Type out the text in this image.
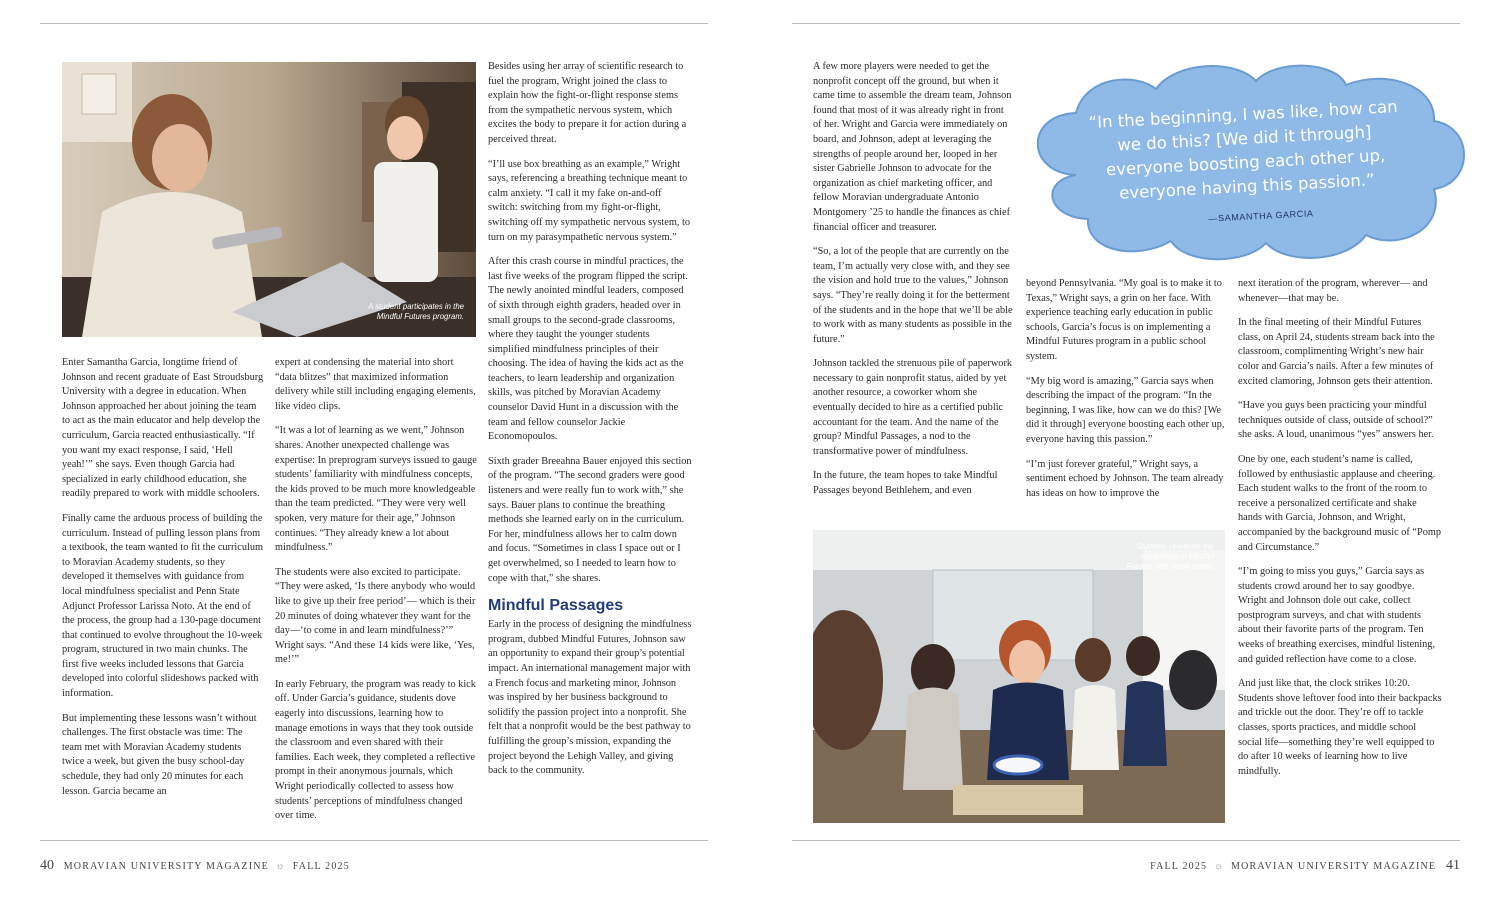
A student participates in the Mindful Futures program.

Enter Samantha Garcia, longtime friend of Johnson and recent graduate of East Stroudsburg University with a degree in education. When Johnson approached her about joining the team to act as the main educator and help develop the curriculum, Garcia reacted enthusiastically. “If you want my exact response, I said, ‘Hell yeah!’” she says. Even though Garcia had specialized in early childhood education, she readily prepared to work with middle schoolers.

Finally came the arduous process of building the curriculum. Instead of pulling lesson plans from a textbook, the team wanted to fit the curriculum to Moravian Academy students, so they developed it themselves with guidance from local mindfulness specialist and Penn State Adjunct Professor Larissa Noto. At the end of the process, the group had a 130-page document that continued to evolve throughout the 10-week program, structured in two main chunks. The first five weeks included lessons that Garcia developed into colorful slideshows packed with information.

But implementing these lessons wasn’t without challenges. The first obstacle was time: The team met with Moravian Academy students twice a week, but given the busy school-day schedule, they had only 20 minutes for each lesson. Garcia became an

expert at condensing the material into short “data blitzes” that maximized information delivery while still including engaging elements, like video clips.

“It was a lot of learning as we went,” Johnson shares. Another unexpected challenge was expertise: In preprogram surveys issued to gauge students’ familiarity with mindfulness concepts, the kids proved to be much more knowledgeable than the team predicted. “They were very well spoken, very mature for their age,” Johnson continues. “They already knew a lot about mindfulness.”

The students were also excited to participate. “They were asked, ‘Is there anybody who would like to give up their free period’— which is their 20 minutes of doing whatever they want for the day—‘to come in and learn mindfulness?’” Wright says. “And these 14 kids were like, ‘Yes, me!’”

In early February, the program was ready to kick off. Under Garcia’s guidance, students dove eagerly into discussions, learning how to manage emotions in ways that they took outside the classroom and even shared with their families. Each week, they completed a reflective prompt in their anonymous journals, which Wright periodically collected to assess how students’ perceptions of mindfulness changed over time.

Besides using her array of scientific research to fuel the program, Wright joined the class to explain how the fight-or-flight response stems from the sympathetic nervous system, which excites the body to prepare it for action during a perceived threat.

“I’ll use box breathing as an example,” Wright says, referencing a breathing technique meant to calm anxiety. “I call it my fake on-and-off switch: switching from my fight-or-flight, switching off my sympathetic nervous system, to turn on my parasympathetic nervous system.”

After this crash course in mindful practices, the last five weeks of the program flipped the script. The newly anointed mindful leaders, composed of sixth through eighth graders, headed over in small groups to the second-grade classrooms, where they taught the younger students simplified mindfulness principles of their choosing. The idea of having the kids act as the teachers, to learn leadership and organization skills, was pitched by Moravian Academy counselor David Hunt in a discussion with the team and fellow counselor Jackie Economopoulos.

Sixth grader Breeahna Bauer enjoyed this section of the program. “The second graders were good listeners and were really fun to work with,” she says. Bauer plans to continue the breathing methods she learned early on in the curriculum. For her, mindfulness allows her to calm down and focus. “Sometimes in class I space out or I get overwhelmed, so I needed to learn how to cope with that,” she shares.

Mindful Passages

Early in the process of designing the mindfulness program, dubbed Mindful Futures, Johnson saw an opportunity to expand their group’s potential impact. An international management major with a French focus and marketing minor, Johnson was inspired by her business background to solidify the passion project into a nonprofit. She felt that a nonprofit would be the best pathway to fulfilling the group’s mission, expanding the project beyond the Lehigh Valley, and giving back to the community.

40 MORAVIAN UNIVERSITY MAGAZINE ☼ FALL 2025
“In the beginning, I was like, how can we do this? [We did it through] everyone boosting each other up, everyone having this passion.”
—SAMANTHA GARCIA

A few more players were needed to get the nonprofit concept off the ground, but when it came time to assemble the dream team, Johnson found that most of it was already right in front of her. Wright and Garcia were immediately on board, and Johnson, adept at leveraging the strengths of people around her, looped in her sister Gabrielle Johnson to advocate for the organization as chief marketing officer, and fellow Moravian undergraduate Antonio Montgomery ’25 to handle the finances as chief financial officer and treasurer.

“So, a lot of the people that are currently on the team, I’m actually very close with, and they see the vision and hold true to the values,” Johnson says. “They’re really doing it for the betterment of the students and in the hope that we’ll be able to work with as many students as possible in the future.”

Johnson tackled the strenuous pile of paperwork necessary to gain nonprofit status, aided by yet another resource, a coworker whom she eventually decided to hire as a certified public accountant for the team. And the name of the group? Mindful Passages, a nod to the transformative power of mindfulness.

In the future, the team hopes to take Mindful Passages beyond Bethlehem, and even

beyond Pennsylvania. “My goal is to make it to Texas,” Wright says, a grin on her face. With experience teaching early education in public schools, Garcia’s focus is on implementing a Mindful Futures program in a public school system.

“My big word is amazing,” Garcia says when describing the impact of the program. “In the beginning, I was like, how can we do this? [We did it through] everyone boosting each other up, everyone having this passion.”

“I’m just forever grateful,” Wright says, a sentiment echoed by Johnson. The team already has ideas on how to improve the

next iteration of the program, wherever— and whenever—that may be.

In the final meeting of their Mindful Futures class, on April 24, students stream back into the classroom, complimenting Wright’s new hair color and Garcia’s nails. After a few minutes of excited clamoring, Johnson gets their attention.

“Have you guys been practicing your mindful techniques outside of class, outside of school?” she asks. A loud, unanimous “yes” answers her.

One by one, each student’s name is called, followed by enthusiastic applause and cheering. Each student walks to the front of the room to receive a personalized certificate and shake hands with Garcia, Johnson, and Wright, accompanied by the background music of “Pomp and Circumstance.”

“I’m going to miss you guys,” Garcia says as students crowd around her to say goodbye. Wright and Johnson dole out cake, collect postprogram surveys, and chat with students about their favorite parts of the program. Ten weeks of breathing exercises, mindful listening, and guided reflection have come to a close.

And just like that, the clock strikes 10:20. Students shove leftover food into their backpacks and trickle out the door. They’re off to tackle classes, sports practices, and middle school social life—something they’re well equipped to do after 10 weeks of learning how to live mindfully.

Students celebrate the completion of Mindful Futures with some treats.
FALL 2025 ☼ MORAVIAN UNIVERSITY MAGAZINE 41
